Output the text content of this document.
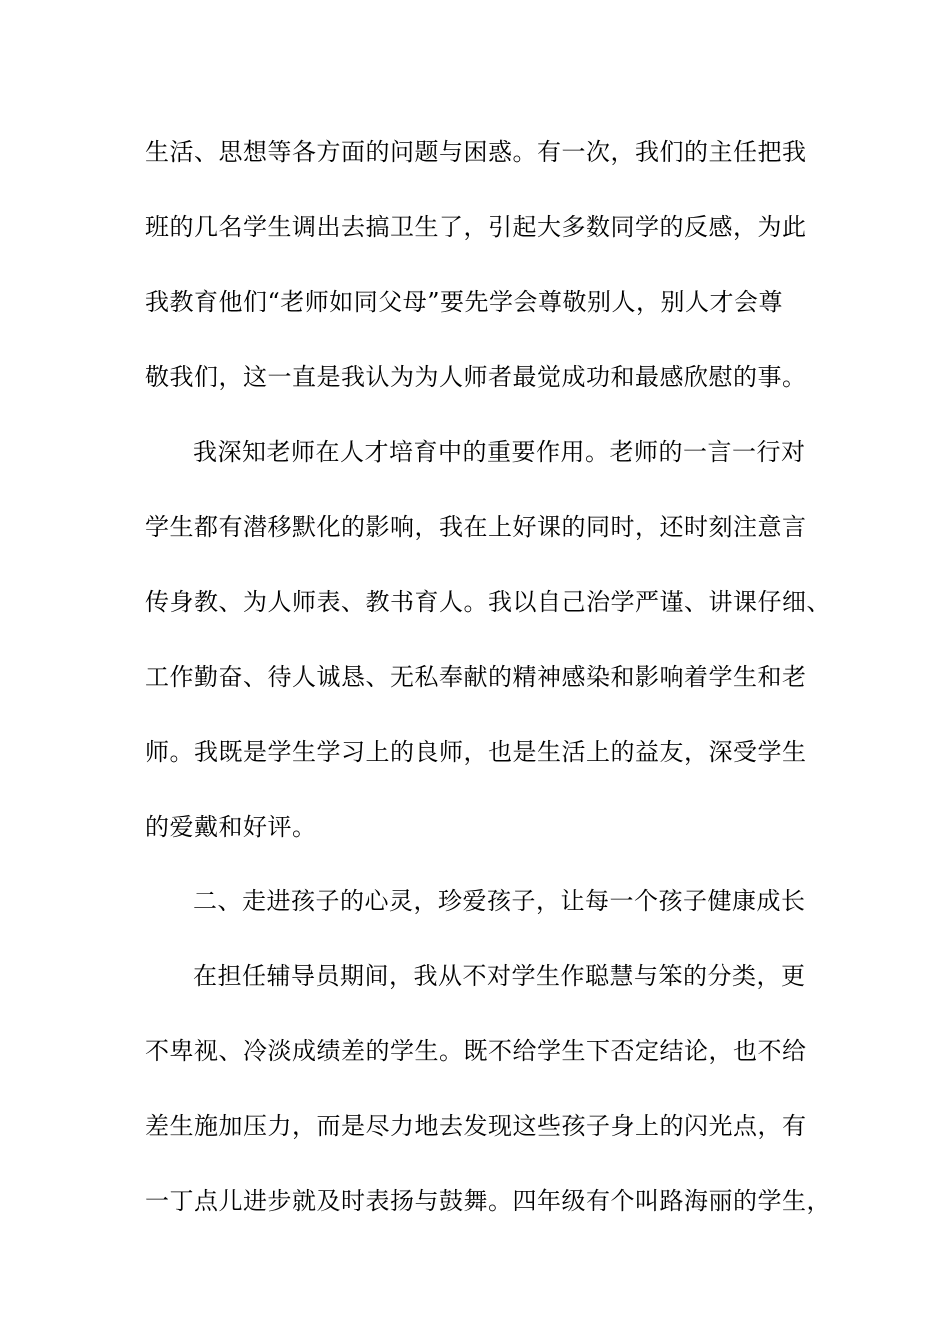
生活、思想等各方面的问题与困惑。有一次，我们的主任把我
班的几名学生调出去搞卫生了，引起大多数同学的反感，为此
我教育他们“老师如同父母”要先学会尊敬别人，别人才会尊
敬我们，这一直是我认为为人师者最觉成功和最感欣慰的事。
我深知老师在人才培育中的重要作用。老师的一言一行对
学生都有潜移默化的影响，我在上好课的同时，还时刻注意言
传身教、为人师表、教书育人。我以自己治学严谨、讲课仔细、
工作勤奋、待人诚恳、无私奉献的精神感染和影响着学生和老
师。我既是学生学习上的良师，也是生活上的益友，深受学生
的爱戴和好评。
二、走进孩子的心灵，珍爱孩子，让每一个孩子健康成长
在担任辅导员期间，我从不对学生作聪慧与笨的分类，更
不卑视、冷淡成绩差的学生。既不给学生下否定结论，也不给
差生施加压力，而是尽力地去发现这些孩子身上的闪光点，有
一丁点儿进步就及时表扬与鼓舞。四年级有个叫路海丽的学生，
